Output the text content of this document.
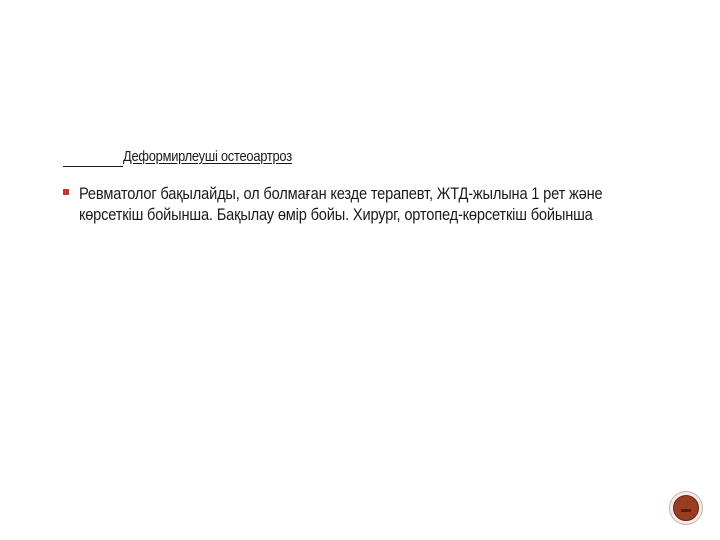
Деформирлеуші остеоартроз
Ревматолог бақылайды, ол болмаған кезде терапевт, ЖТД-жылына 1 рет және
көрсеткіш бойынша. Бақылау өмір бойы. Хирург, ортопед-көрсеткіш бойынша
